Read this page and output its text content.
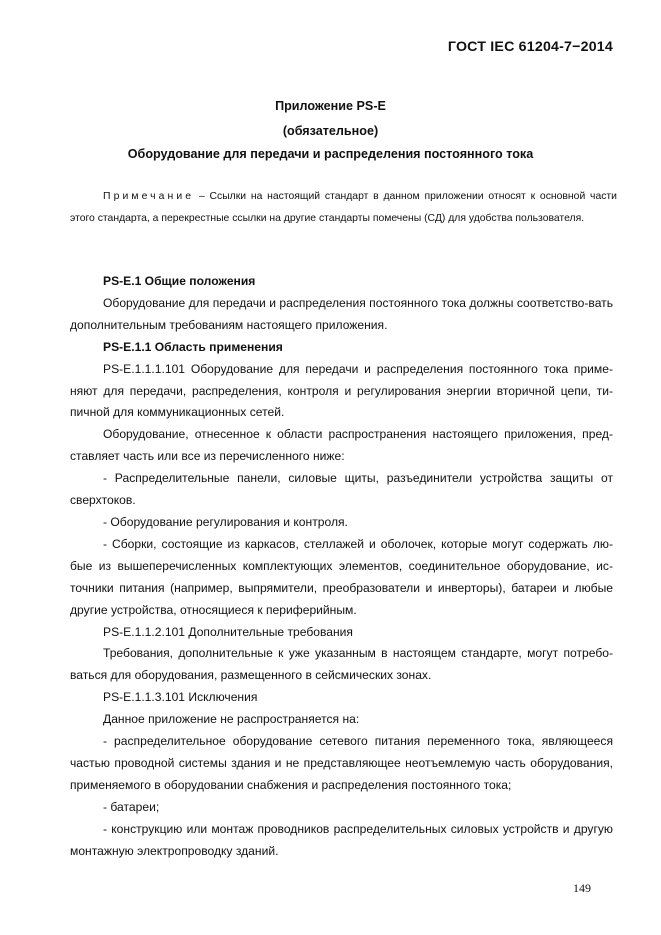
ГОСТ IEC 61204-7−2014
Приложение PS-E
(обязательное)
Оборудование для передачи и распределения постоянного тока
Примечание – Ссылки на настоящий стандарт в данном приложении относят к основной части этого стандарта, а перекрестные ссылки на другие стандарты помечены (СД) для удобства пользователя.

PS-E.1 Общие положения

Оборудование для передачи и распределения постоянного тока должны соответство-вать дополнительным требованиям настоящего приложения.

PS-E.1.1 Область применения

PS-E.1.1.1.101 Оборудование для передачи и распределения постоянного тока приме-няют для передачи, распределения, контроля и регулирования энергии вторичной цепи, ти-пичной для коммуникационных сетей.

Оборудование, отнесенное к области распространения настоящего приложения, пред-ставляет часть или все из перечисленного ниже:

- Распределительные панели, силовые щиты, разъединители устройства защиты от сверхтоков.

- Оборудование регулирования и контроля.

- Сборки, состоящие из каркасов, стеллажей и оболочек, которые могут содержать лю-бые из вышеперечисленных комплектующих элементов, соединительное оборудование, ис-точники питания (например, выпрямители, преобразователи и инверторы), батареи и любые другие устройства, относящиеся к периферийным.

PS-E.1.1.2.101 Дополнительные требования

Требования, дополнительные к уже указанным в настоящем стандарте, могут потребо-ваться для оборудования, размещенного в сейсмических зонах.

PS-E.1.1.3.101 Исключения

Данное приложение не распространяется на:

- распределительное оборудование сетевого питания переменного тока, являющееся частью проводной системы здания и не представляющее неотъемлемую часть оборудования, применяемого в оборудовании снабжения и распределения постоянного тока;

- батареи;

- конструкцию или монтаж проводников распределительных силовых устройств и другую монтажную электропроводку зданий.

149
